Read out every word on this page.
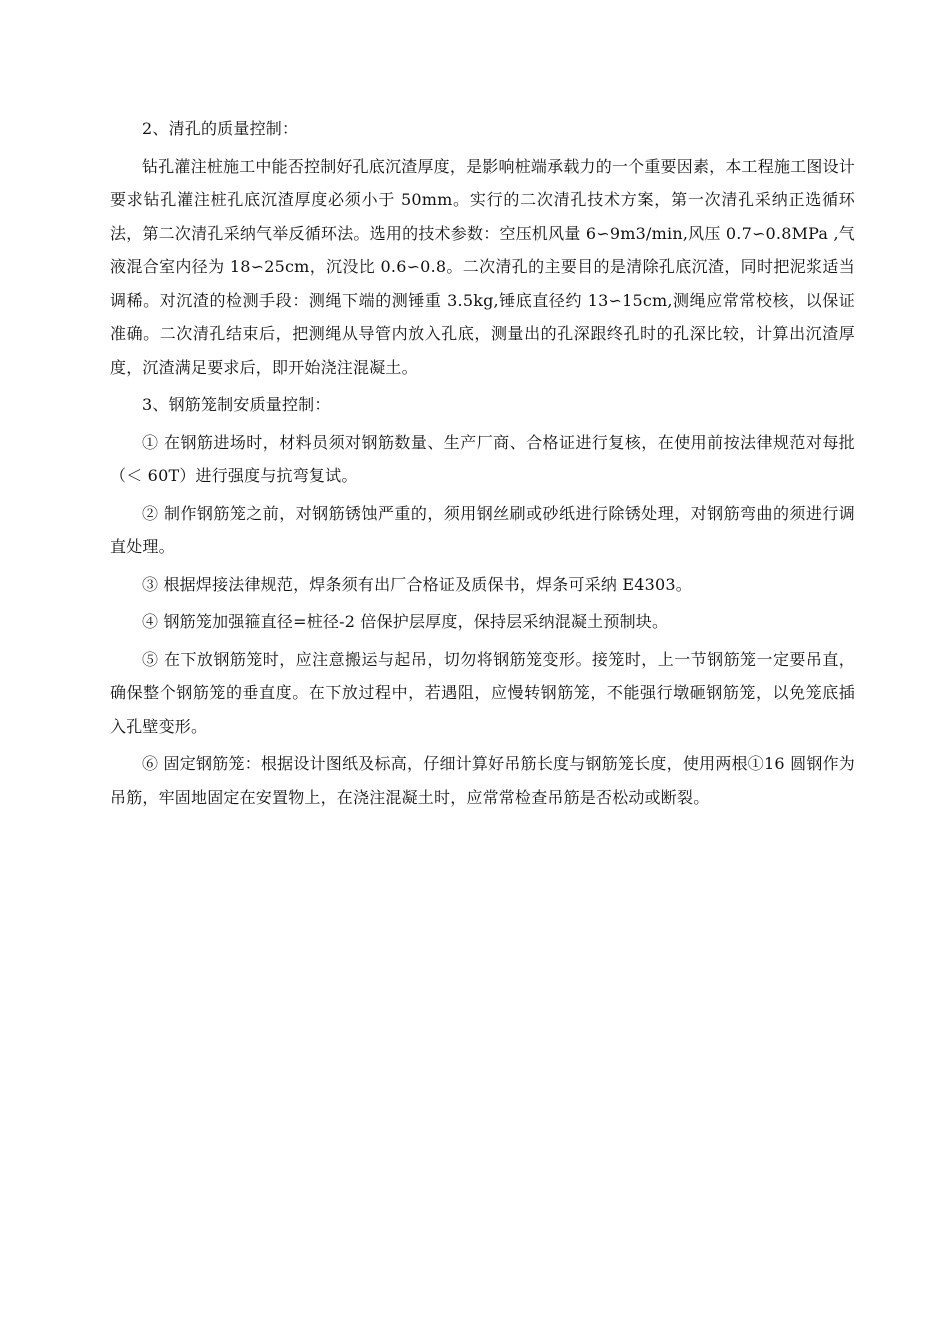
2、清孔的质量控制：

钻孔灌注桩施工中能否控制好孔底沉渣厚度，是影响桩端承载力的一个重要因素，本工程施工图设计要求钻孔灌注桩孔底沉渣厚度必须小于 50mm。实行的二次清孔技术方案，第一次清孔采纳正选循环法，第二次清孔采纳气举反循环法。选用的技术参数：空压机风量 6∽9m3/min,风压 0.7∽0.8MPa ,气液混合室内径为 18∽25cm，沉没比 0.6∽0.8。二次清孔的主要目的是清除孔底沉渣，同时把泥浆适当调稀。对沉渣的检测手段：测绳下端的测锤重 3.5kg,锤底直径约 13∽15cm,测绳应常常校核，以保证准确。二次清孔结束后，把测绳从导管内放入孔底，测量出的孔深跟终孔时的孔深比较，计算出沉渣厚度，沉渣满足要求后，即开始浇注混凝土。

3、钢筋笼制安质量控制：

① 在钢筋进场时，材料员须对钢筋数量、生产厂商、合格证进行复核，在使用前按法律规范对每批（＜ 60T）进行强度与抗弯复试。

② 制作钢筋笼之前，对钢筋锈蚀严重的，须用钢丝刷或砂纸进行除锈处理，对钢筋弯曲的须进行调直处理。

③ 根据焊接法律规范，焊条须有出厂合格证及质保书，焊条可采纳 E4303。

④ 钢筋笼加强箍直径=桩径-2 倍保护层厚度，保持层采纳混凝土预制块。

⑤ 在下放钢筋笼时，应注意搬运与起吊，切勿将钢筋笼变形。接笼时，上一节钢筋笼一定要吊直，确保整个钢筋笼的垂直度。在下放过程中，若遇阻，应慢转钢筋笼，不能强行墩砸钢筋笼，以免笼底插入孔壁变形。

⑥ 固定钢筋笼：根据设计图纸及标高，仔细计算好吊筋长度与钢筋笼长度，使用两根①16 圆钢作为吊筋，牢固地固定在安置物上，在浇注混凝土时，应常常检查吊筋是否松动或断裂。
